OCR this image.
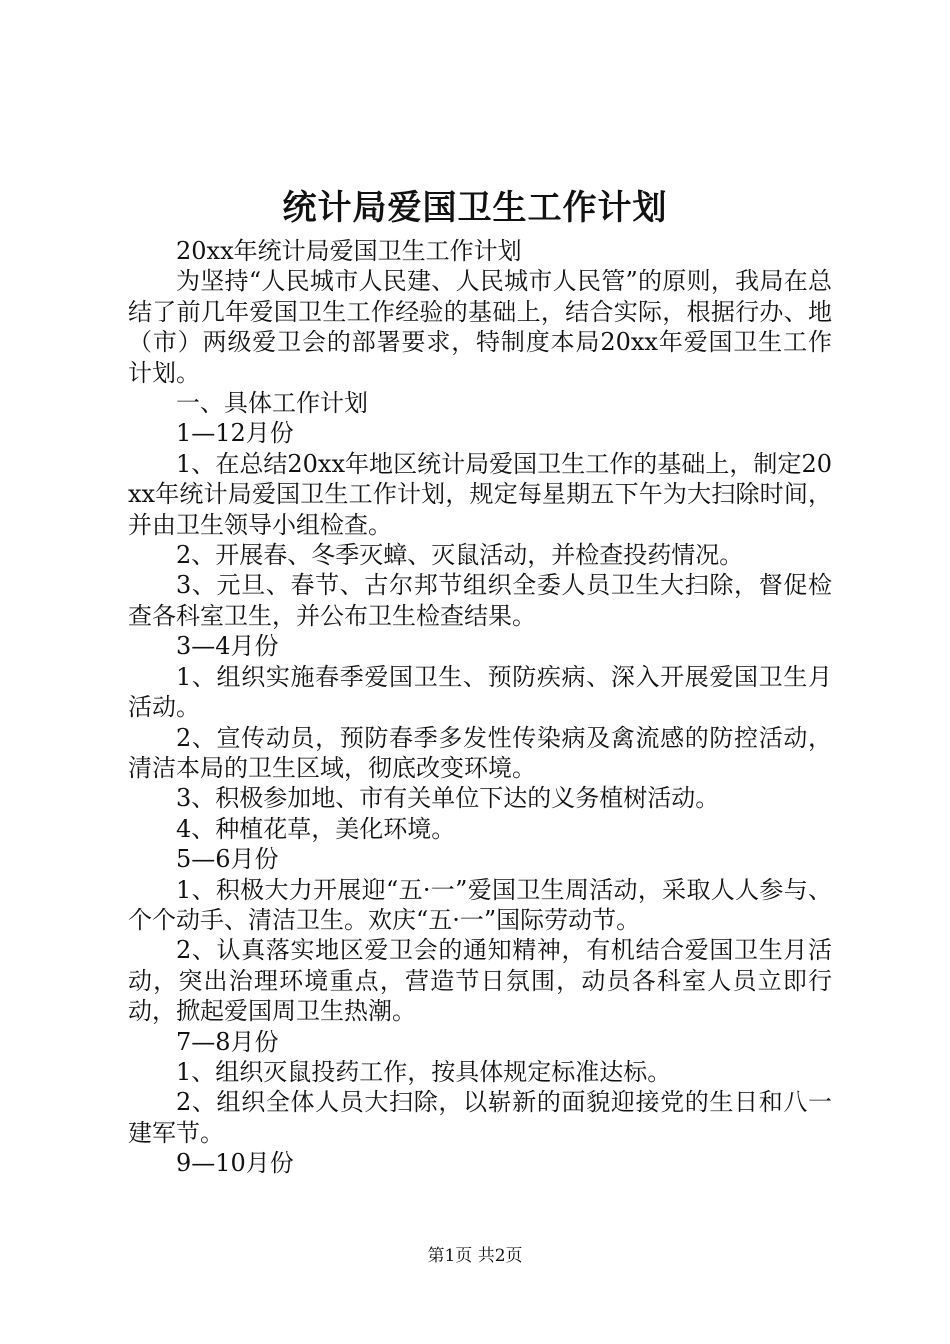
统计局爱国卫生工作计划

20xx年统计局爱国卫生工作计划

为坚持“人民城市人民建、人民城市人民管”的原则，我局在总结了前几年爱国卫生工作经验的基础上，结合实际，根据行办、地（市）两级爱卫会的部署要求，特制度本局20xx年爱国卫生工作计划。

一、具体工作计划

1—12月份

1、在总结20xx年地区统计局爱国卫生工作的基础上，制定20xx年统计局爱国卫生工作计划，规定每星期五下午为大扫除时间，并由卫生领导小组检查。

2、开展春、冬季灭蟑、灭鼠活动，并检查投药情况。

3、元旦、春节、古尔邦节组织全委人员卫生大扫除，督促检查各科室卫生，并公布卫生检查结果。

3—4月份

1、组织实施春季爱国卫生、预防疾病、深入开展爱国卫生月活动。

2、宣传动员，预防春季多发性传染病及禽流感的防控活动，清洁本局的卫生区域，彻底改变环境。

3、积极参加地、市有关单位下达的义务植树活动。

4、种植花草，美化环境。

5—6月份

1、积极大力开展迎“五·一”爱国卫生周活动，采取人人参与、个个动手、清洁卫生。欢庆“五·一”国际劳动节。

2、认真落实地区爱卫会的通知精神，有机结合爱国卫生月活动，突出治理环境重点，营造节日氛围，动员各科室人员立即行动，掀起爱国周卫生热潮。

7—8月份

1、组织灭鼠投药工作，按具体规定标准达标。

2、组织全体人员大扫除，以崭新的面貌迎接党的生日和八一建军节。

9—10月份

第1页 共2页
